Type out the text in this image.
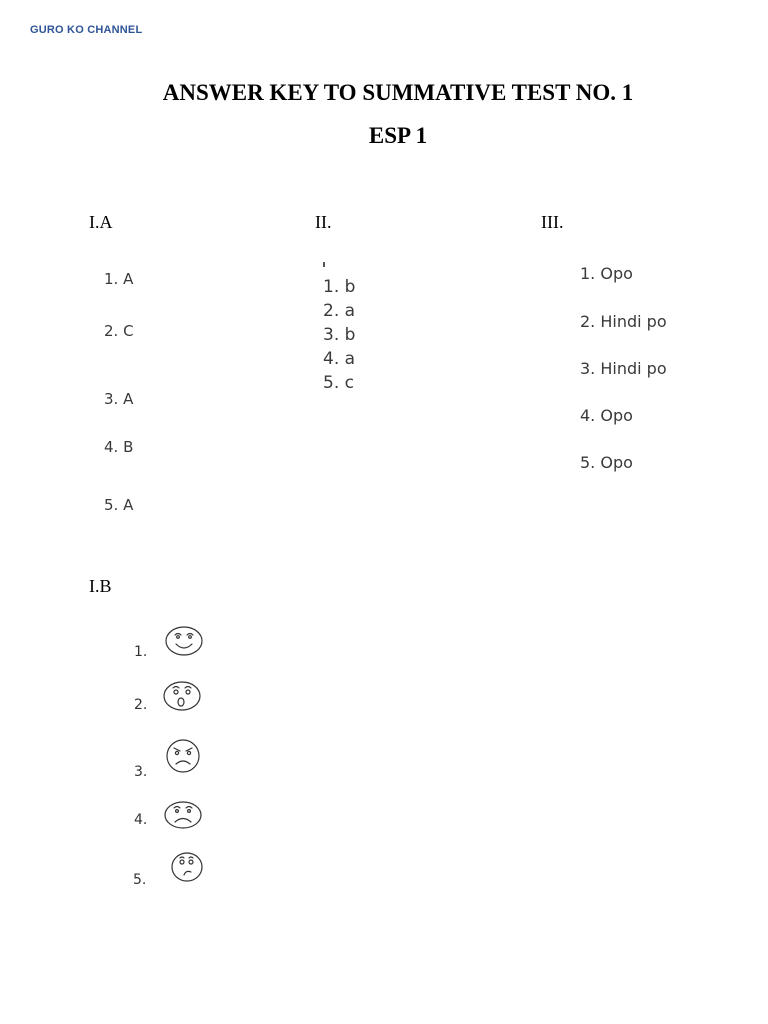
GURO KO CHANNEL
ANSWER KEY TO SUMMATIVE TEST NO. 1
ESP 1
I.A
1. A
2. C
3. A
4. B
5. A
II.
1. b
2. a
3. b
4. a
5. c
III.
1. Opo
2. Hindi po
3. Hindi po
4. Opo
5. Opo
I.B
1.
2.
3.
4.
5.
